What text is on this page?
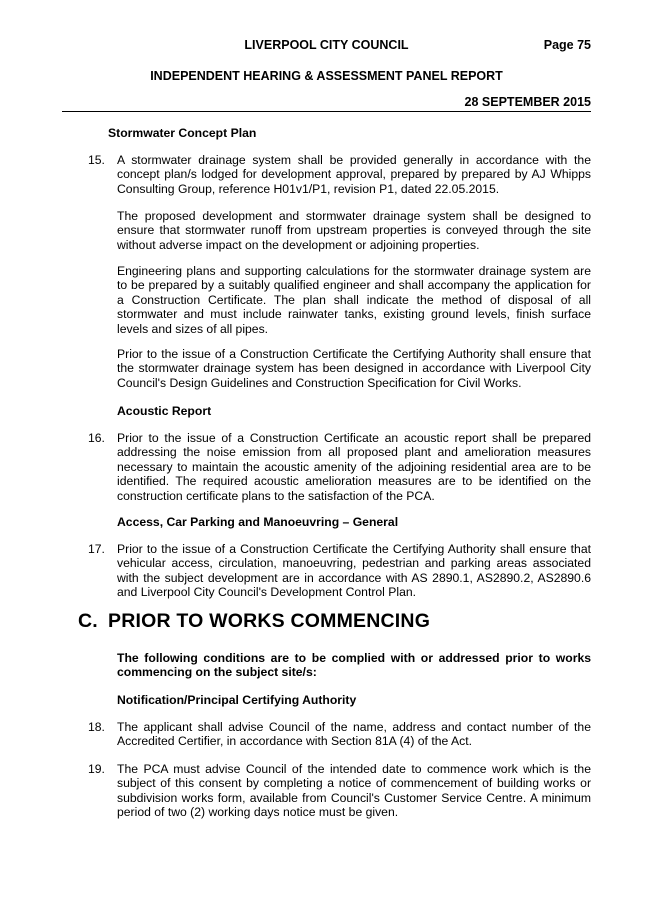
LIVERPOOL CITY COUNCIL	Page 75
INDEPENDENT HEARING & ASSESSMENT PANEL REPORT
28 SEPTEMBER 2015
Stormwater Concept Plan
15. A stormwater drainage system shall be provided generally in accordance with the concept plan/s lodged for development approval, prepared by prepared by AJ Whipps Consulting Group, reference H01v1/P1, revision P1, dated 22.05.2015.

The proposed development and stormwater drainage system shall be designed to ensure that stormwater runoff from upstream properties is conveyed through the site without adverse impact on the development or adjoining properties.

Engineering plans and supporting calculations for the stormwater drainage system are to be prepared by a suitably qualified engineer and shall accompany the application for a Construction Certificate. The plan shall indicate the method of disposal of all stormwater and must include rainwater tanks, existing ground levels, finish surface levels and sizes of all pipes.

Prior to the issue of a Construction Certificate the Certifying Authority shall ensure that the stormwater drainage system has been designed in accordance with Liverpool City Council's Design Guidelines and Construction Specification for Civil Works.

Acoustic Report
16. Prior to the issue of a Construction Certificate an acoustic report shall be prepared addressing the noise emission from all proposed plant and amelioration measures necessary to maintain the acoustic amenity of the adjoining residential area are to be identified. The required acoustic amelioration measures are to be identified on the construction certificate plans to the satisfaction of the PCA.

Access, Car Parking and Manoeuvring – General
17. Prior to the issue of a Construction Certificate the Certifying Authority shall ensure that vehicular access, circulation, manoeuvring, pedestrian and parking areas associated with the subject development are in accordance with AS 2890.1, AS2890.2, AS2890.6 and Liverpool City Council's Development Control Plan.

C. PRIOR TO WORKS COMMENCING

The following conditions are to be complied with or addressed prior to works commencing on the subject site/s:

Notification/Principal Certifying Authority
18. The applicant shall advise Council of the name, address and contact number of the Accredited Certifier, in accordance with Section 81A (4) of the Act.

19. The PCA must advise Council of the intended date to commence work which is the subject of this consent by completing a notice of commencement of building works or subdivision works form, available from Council's Customer Service Centre. A minimum period of two (2) working days notice must be given.
